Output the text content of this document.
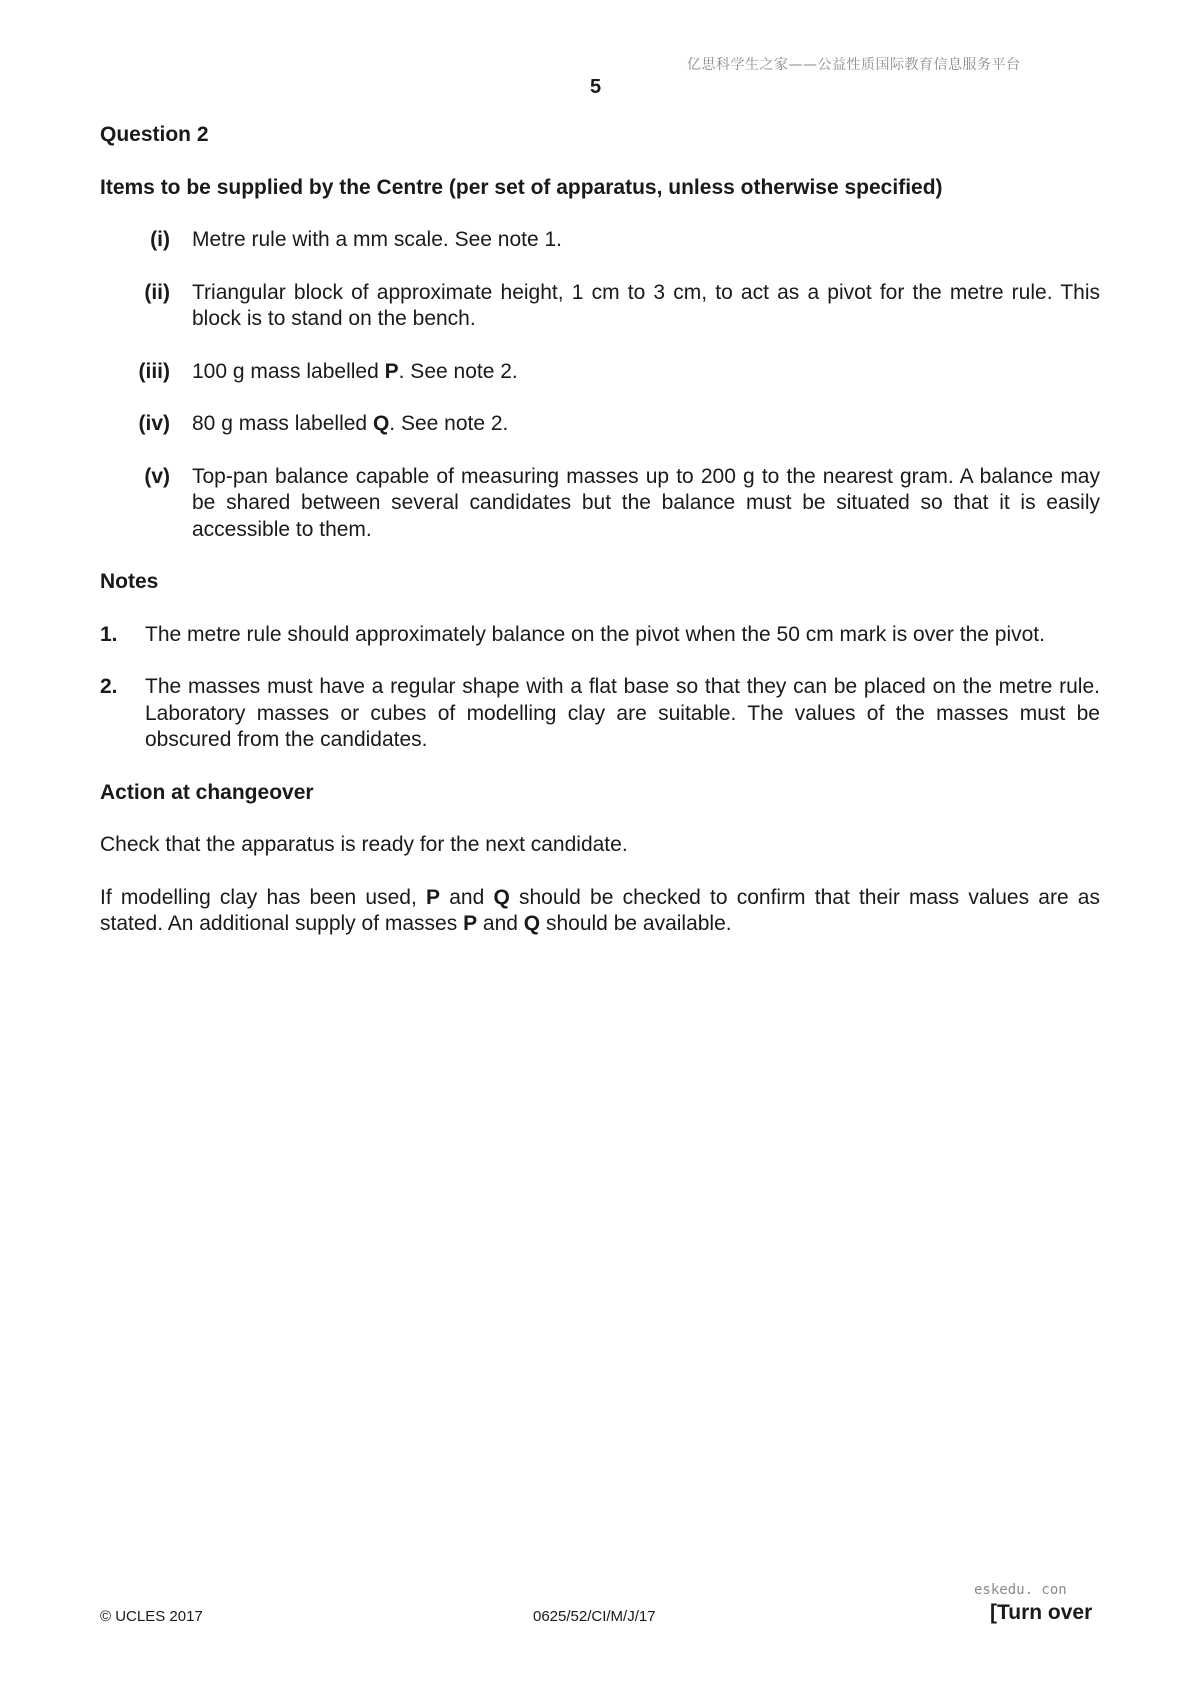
亿思科学生之家——公益性质国际教育信息服务平台
5

Question 2

Items to be supplied by the Centre (per set of apparatus, unless otherwise specified)

(i) Metre rule with a mm scale. See note 1.
(ii) Triangular block of approximate height, 1 cm to 3 cm, to act as a pivot for the metre rule. This block is to stand on the bench.
(iii) 100 g mass labelled P. See note 2.
(iv) 80 g mass labelled Q. See note 2.
(v) Top-pan balance capable of measuring masses up to 200 g to the nearest gram. A balance may be shared between several candidates but the balance must be situated so that it is easily accessible to them.

Notes

1.	The metre rule should approximately balance on the pivot when the 50 cm mark is over the pivot.
2.	The masses must have a regular shape with a flat base so that they can be placed on the metre rule. Laboratory masses or cubes of modelling clay are suitable. The values of the masses must be obscured from the candidates.

Action at changeover

Check that the apparatus is ready for the next candidate.

If modelling clay has been used, P and Q should be checked to confirm that their mass values are as stated. An additional supply of masses P and Q should be available.

eskedu. con
© UCLES 2017	0625/52/CI/M/J/17	[Turn over
